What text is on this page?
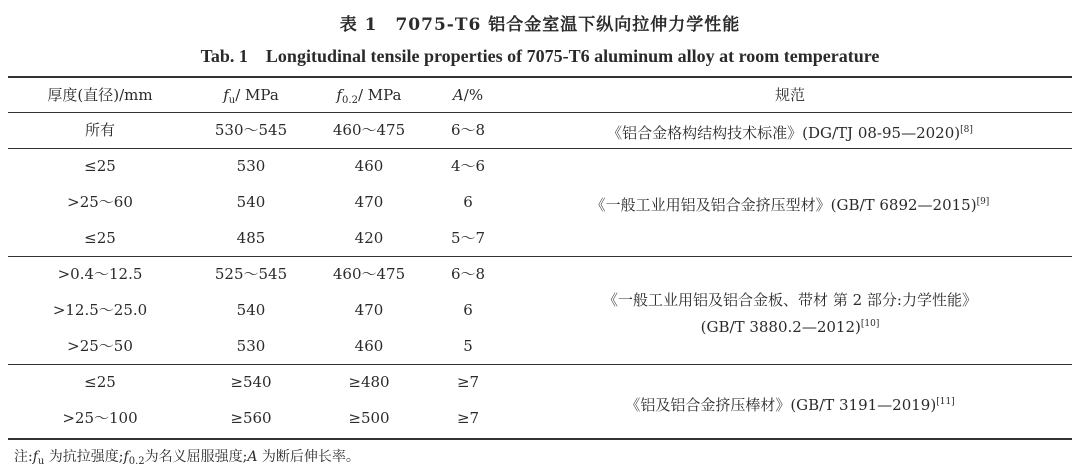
表 1　7075-T6 铝合金室温下纵向拉伸力学性能
Tab. 1　Longitudinal tensile properties of 7075-T6 aluminum alloy at room temperature
厚度(直径)/mm	$f_u/$ MPa	$f_{0.2}/$ MPa	A/%	规范
所有	530～545	460～475	6～8	《铝合金格构结构技术标准》(DG/TJ 08-95—2020)[8]
≤25	530	460	4～6
>25～60	540	470	6
≤25	485	420	5～7
《一般工业用铝及铝合金挤压型材》(GB/T 6892—2015)[9]
>0.4～12.5	525～545	460～475	6～8
>12.5～25.0	540	470	6
>25～50	530	460	5
《一般工业用铝及铝合金板、带材 第 2 部分:力学性能》
(GB/T 3880.2—2012)[10]
≤25	≥540	≥480	≥7
>25～100	≥560	≥500	≥7
《铝及铝合金挤压棒材》(GB/T 3191—2019)[11]
注$:f_u$ 为抗拉强度$;f_{0.2}$为名义屈服强度;A 为断后伸长率。
